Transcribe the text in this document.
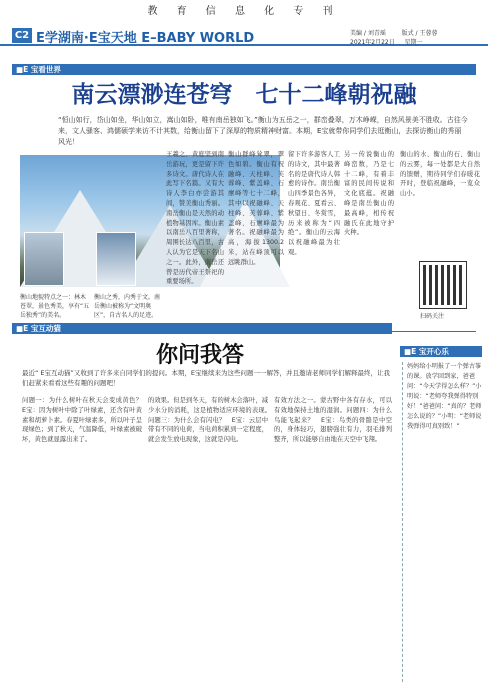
教 育 信 息 化 专 刊
C2 E学湖南·E宝天地 E–BABY WORLD	美编 / 刘青瑶 　　 版式 / 王蓉蓉
2021年2月22日 　 星期一
■E 宝看世界
南云漂渺连苍穹　七十二峰朝祝融
“恒山如行，岱山如坐，华山如立，嵩山如卧，唯有南岳独如飞。”衡山为五岳之一，群峦叠翠，万木峥嵘，自然风景美不胜收。古往今来，文人骚客、鸿儒硕学来访不计其数，给衡山留下了深厚的物质精神财富。本期，E宝就带你同学们去逛衡山，去探访衡山的秀丽风光！
衡山地貌特点之一：林木苍翠，景色秀美，享有“五岳独秀”的美名。
衡山之秀，内秀于文。南岳衡山被称为“文明奥区”，自古名人的足迹。
王羲之、黄庭坚到南岳游玩，更是留下许多诗文。唐代诗人在此写下名篇。又有大诗人李白亦尝游其间，赞美衡山秀丽。南岳衡山是天然的动植物基因库。衡山素以南岳八百里著称，周围长达八百里，古人认为它是天下名山之一。此外，南岳还曾是历代帝王祭祀的重要场所。
衡山群峰耸翠，翠色如碧。衡山有祝融峰、天柱峰、芙蓉峰、紫盖峰、石廪峰等七十二峰，其中以祝融峰、天柱峰、芙蓉峰、紫盖峰、石廪峰最为著名。祝融峰最为高，海拔1300.2米，站在峰顶可以远眺群山。
留下许多游客人工的诗文，其中最著名的是唐代诗人韩愈的诗作。南岳衡山四季景色各异，春观花、夏看云、秋望日、冬赏雪，历来被称为“四绝”。衡山的云海以祝融峰最为壮观。
另一传说衡山的峰峦数，乃是七十二峰，有着丰富的民间传说和文化底蕴。祝融峰是南岳衡山的最高峰，相传祝融氏在此地守护火种。
衡山的水、衡山的石、衡山的云雾，每一处都是大自然的馈赠，期待同学们春暖花开时，登临祝融峰，一览众山小。
扫码关注
■E 宝互动猫
你问我答
最近“ E宝互动猫”又收到了许多来自同学们的提问。本期，E宝继续来为这些问题一一解答，并且邀请老师同学们解释最终，让我们赶紧来看看这些有趣的问题吧！
问题一：为什么树叶在秋天会变成黄色？　E宝：因为树叶中除了叶绿素，还含有叶黄素和胡萝卜素。春夏叶绿素多，所以叶子呈现绿色；到了秋天，气温降低，叶绿素被破坏，黄色就显露出来了。
的效果。但是到冬天，有的树木会落叶，减少水分的消耗，这是植物适应环境的表现。　问题三：为什么会有闪电？　E宝：云层中带有不同的电荷，当电荷积累到一定程度，就会发生放电现象，这就是闪电。
有效方法之一。蒙古野中各有存水，可以有效地保持土地的湿润。问题四：为什么鸟能飞起来？　E宝：鸟类的骨骼是中空的，身体轻巧，翅膀强壮有力，羽毛排列整齐，所以能够自由地在天空中飞翔。
■E 宝开心乐
妈妈给小明报了一个弹古筝的课。放学回到家，爸爸问：“今天学得怎么样？”小明说：“老师夸我弹得特别好！”爸爸问：“真的？老师怎么说的？”小明：“老师说我弹得可真别致！”
